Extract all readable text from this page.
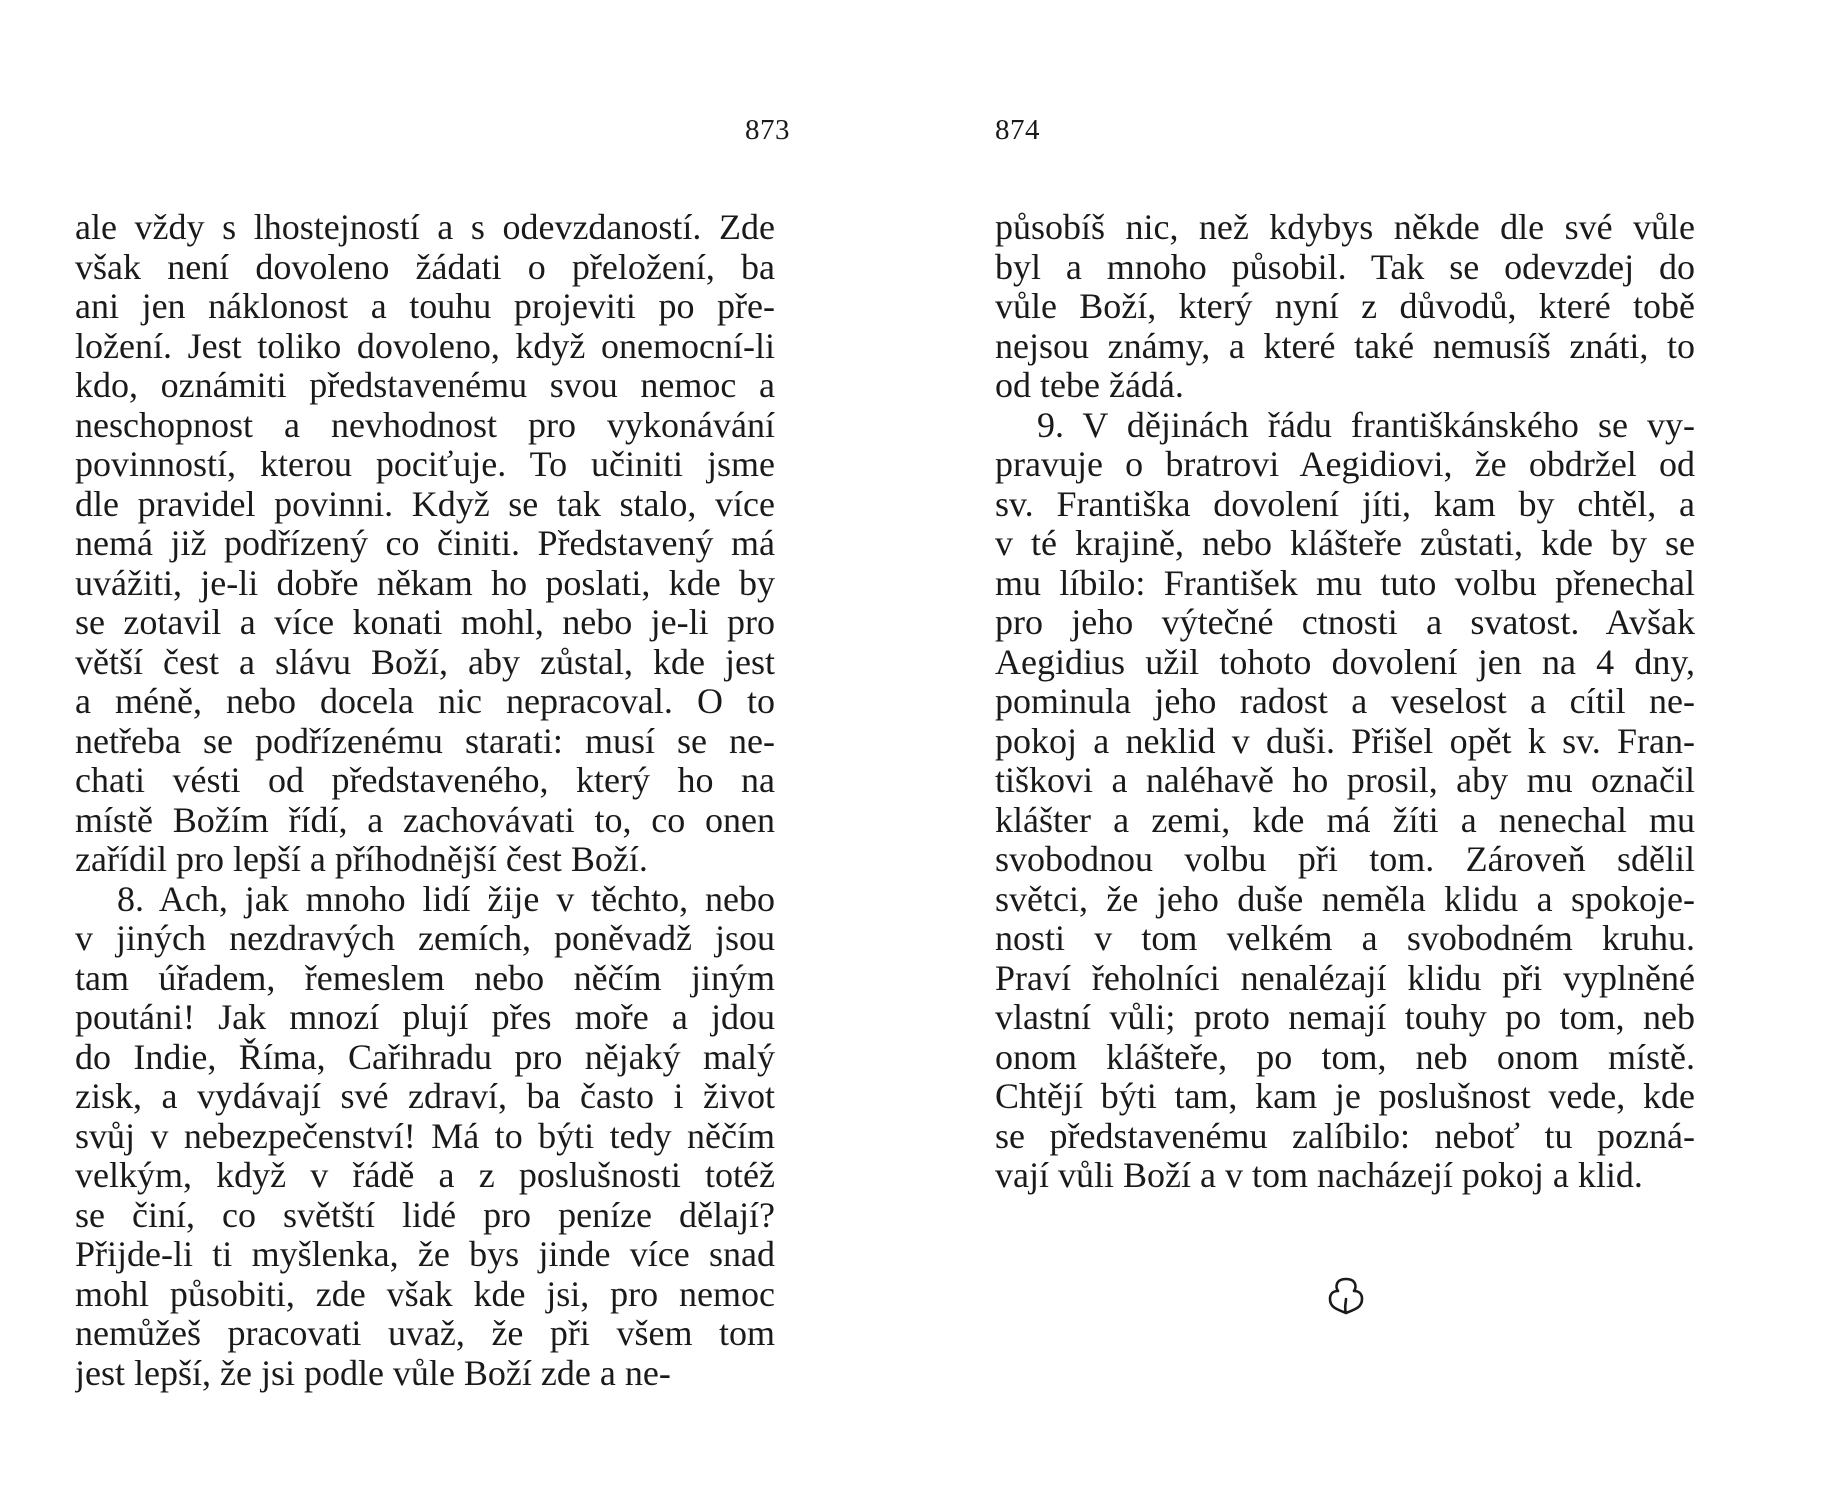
873
ale vždy s lhostejností a s odevzdaností. Zde
však není dovoleno žádati o přeložení, ba
ani jen náklonost a touhu projeviti po pře-
ložení. Jest toliko dovoleno, když onemocní-li
kdo, oznámiti představenému svou nemoc a
neschopnost a nevhodnost pro vykonávání
povinností, kterou pociťuje. To učiniti jsme
dle pravidel povinni. Když se tak stalo, více
nemá již podřízený co činiti. Představený má
uvážiti, je-li dobře někam ho poslati, kde by
se zotavil a více konati mohl, nebo je-li pro
větší čest a slávu Boží, aby zůstal, kde jest
a méně, nebo docela nic nepracoval. O to
netřeba se podřízenému starati: musí se ne-
chati vésti od představeného, který ho na
místě Božím řídí, a zachovávati to, co onen
zařídil pro lepší a příhodnější čest Boží.
8. Ach, jak mnoho lidí žije v těchto, nebo
v jiných nezdravých zemích, poněvadž jsou
tam úřadem, řemeslem nebo něčím jiným
poutáni! Jak mnozí plují přes moře a jdou
do Indie, Říma, Cařihradu pro nějaký malý
zisk, a vydávají své zdraví, ba často i život
svůj v nebezpečenství! Má to býti tedy něčím
velkým, když v řádě a z poslušnosti totéž
se činí, co světští lidé pro peníze dělají?
Přijde-li ti myšlenka, že bys jinde více snad
mohl působiti, zde však kde jsi, pro nemoc
nemůžeš pracovati uvaž, že při všem tom
jest lepší, že jsi podle vůle Boží zde a ne-
874
působíš nic, než kdybys někde dle své vůle
byl a mnoho působil. Tak se odevzdej do
vůle Boží, který nyní z důvodů, které tobě
nejsou známy, a které také nemusíš znáti, to
od tebe žádá.
9. V dějinách řádu františkánského se vy-
pravuje o bratrovi Aegidiovi, že obdržel od
sv. Františka dovolení jíti, kam by chtěl, a
v té krajině, nebo klášteře zůstati, kde by se
mu líbilo: František mu tuto volbu přenechal
pro jeho výtečné ctnosti a svatost. Avšak
Aegidius užil tohoto dovolení jen na 4 dny,
pominula jeho radost a veselost a cítil ne-
pokoj a neklid v duši. Přišel opět k sv. Fran-
tiškovi a naléhavě ho prosil, aby mu označil
klášter a zemi, kde má žíti a nenechal mu
svobodnou volbu při tom. Zároveň sdělil
světci, že jeho duše neměla klidu a spokoje-
nosti v tom velkém a svobodném kruhu.
Praví řeholníci nenalézají klidu při vyplněné
vlastní vůli; proto nemají touhy po tom, neb
onom klášteře, po tom, neb onom místě.
Chtějí býti tam, kam je poslušnost vede, kde
se představenému zalíbilo: neboť tu pozná-
vají vůli Boží a v tom nacházejí pokoj a klid.
